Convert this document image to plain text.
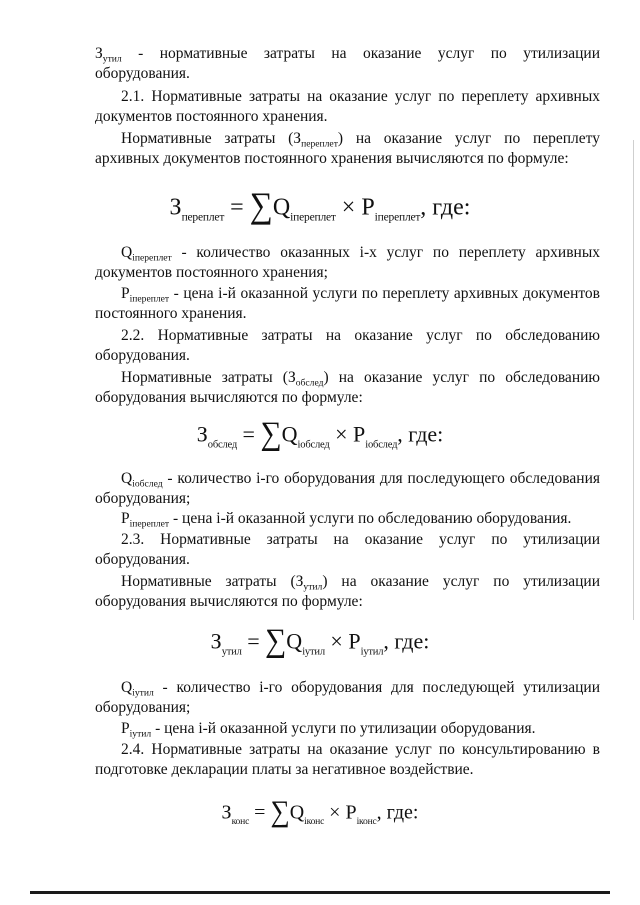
$З_{утил}$ - нормативные затраты на оказание услуг по утилизации
оборудования.
2.1. Нормативные затраты на оказание услуг по переплету архивных
документов постоянного хранения.
Нормативные затраты $(З_{переплет})$ на оказание услуг по переплету
архивных документов постоянного хранения вычисляются по формуле:
$З_{переплет} = \sum Q_{iпереплет} \times P_{iпереплет}$, где:
$Q_{iпереплет}$ - количество оказанных i-х услуг по переплету архивных
документов постоянного хранения;
$P_{iпереплет}$ - цена i-й оказанной услуги по переплету архивных документов
постоянного хранения.
2.2. Нормативные затраты на оказание услуг по обследованию
оборудования.
Нормативные затраты $(З_{обслед})$ на оказание услуг по обследованию
оборудования вычисляются по формуле:
$З_{обслед} = \sum Q_{iобслед} \times P_{iобслед}$, где:
$Q_{iобслед}$ - количество i-го оборудования для последующего обследования
оборудования;
$P_{iпереплет}$ - цена i-й оказанной услуги по обследованию оборудования.
2.3. Нормативные затраты на оказание услуг по утилизации
оборудования.
Нормативные затраты $(З_{утил})$ на оказание услуг по утилизации
оборудования вычисляются по формуле:
$З_{утил} = \sum Q_{iутил} \times P_{iутил}$, где:
$Q_{iутил}$ - количество i-го оборудования для последующей утилизации
оборудования;
$P_{iутил}$ - цена i-й оказанной услуги по утилизации оборудования.
2.4. Нормативные затраты на оказание услуг по консультированию в
подготовке декларации платы за негативное воздействие.
$З_{конс} = \sum Q_{iконс} \times P_{iконс}$, где:
